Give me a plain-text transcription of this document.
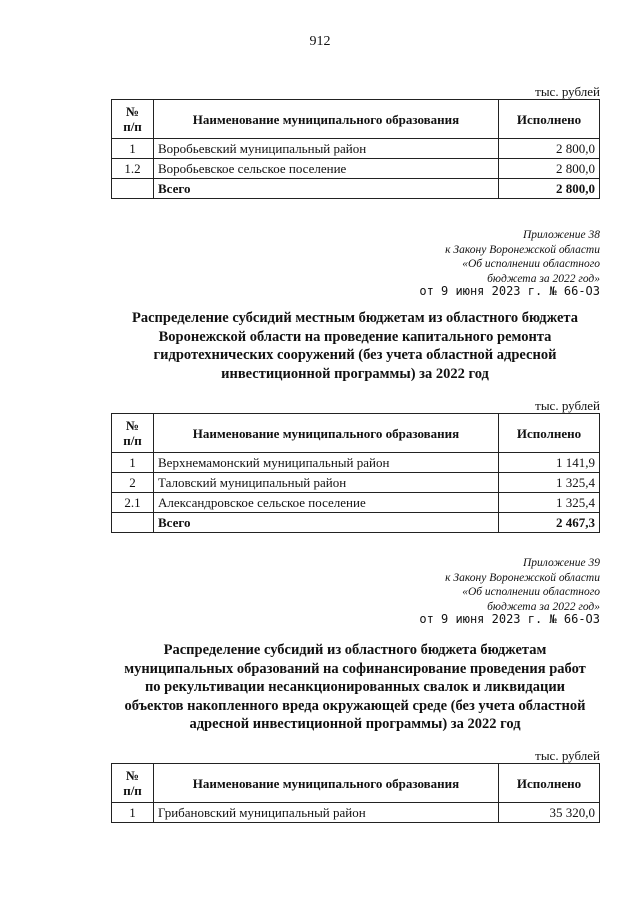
912
тыс. рублей
№
п/п	Наименование муниципального образования	Исполнено
1	Воробьевский муниципальный район	2 800,0
1.2	Воробьевское сельское поселение	2 800,0
	Всего	2 800,0
Приложение 38
к Закону Воронежской области
«Об исполнении областного
бюджета за 2022 год»
от 9 июня 2023 г. № 66-ОЗ
Распределение субсидий местным бюджетам из областного бюджета
Воронежской области на проведение капитального ремонта
гидротехнических сооружений (без учета областной адресной
инвестиционной программы) за 2022 год
тыс. рублей
№
п/п	Наименование муниципального образования	Исполнено
1	Верхнемамонский муниципальный район	1 141,9
2	Таловский муниципальный район	1 325,4
2.1	Александровское сельское поселение	1 325,4
	Всего	2 467,3
Приложение 39
к Закону Воронежской области
«Об исполнении областного
бюджета за 2022 год»
от 9 июня 2023 г. № 66-ОЗ
Распределение субсидий из областного бюджета бюджетам
муниципальных образований на софинансирование проведения работ
по рекультивации несанкционированных свалок и ликвидации
объектов накопленного вреда окружающей среде (без учета областной
адресной инвестиционной программы) за 2022 год
тыс. рублей
№
п/п	Наименование муниципального образования	Исполнено
1	Грибановский муниципальный район	35 320,0
